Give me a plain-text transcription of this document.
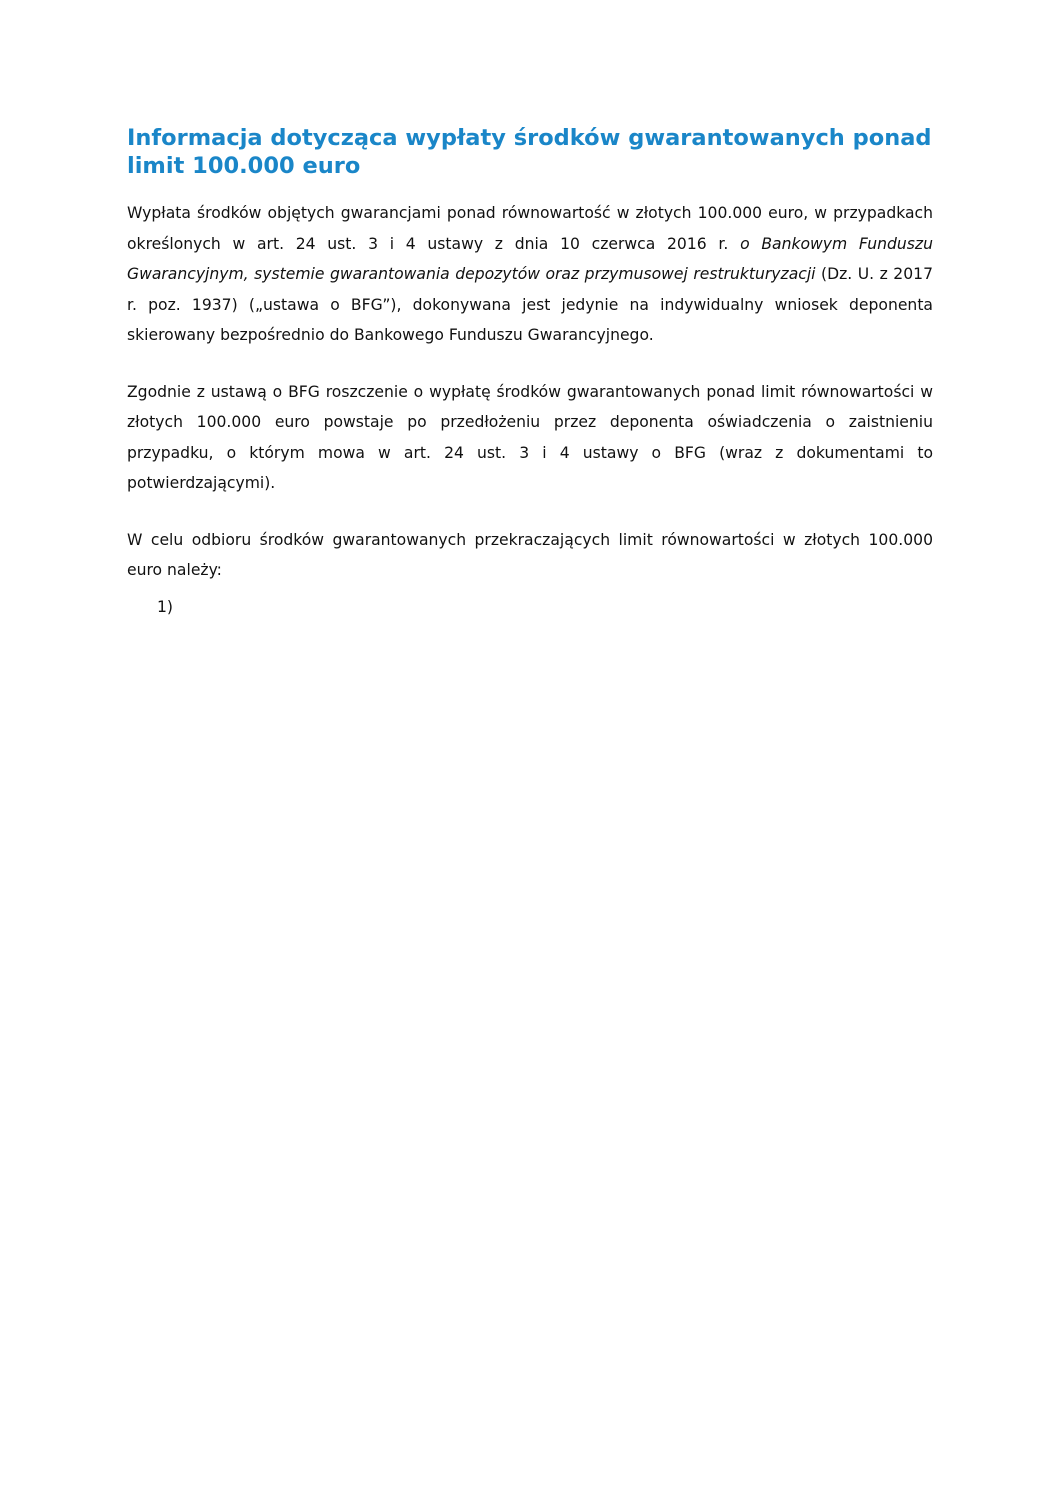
Informacja dotycząca wypłaty środków gwarantowanych ponad limit 100.000 euro

Wypłata środków objętych gwarancjami ponad równowartość w złotych 100.000 euro, w przypadkach określonych w art. 24 ust. 3 i 4 ustawy z dnia 10 czerwca 2016 r. o Bankowym Funduszu Gwarancyjnym, systemie gwarantowania depozytów oraz przymusowej restrukturyzacji (Dz. U. z 2017 r. poz. 1937) („ustawa o BFG”), dokonywana jest jedynie na indywidualny wniosek deponenta skierowany bezpośrednio do Bankowego Funduszu Gwarancyjnego.

Zgodnie z ustawą o BFG roszczenie o wypłatę środków gwarantowanych ponad limit równowartości w złotych 100.000 euro powstaje po przedłożeniu przez deponenta oświadczenia o zaistnieniu przypadku, o którym mowa w art. 24 ust. 3 i 4 ustawy o BFG (wraz z dokumentami to potwierdzającymi).

W celu odbioru środków gwarantowanych przekraczających limit równowartości w złotych 100.000 euro należy:

1)
